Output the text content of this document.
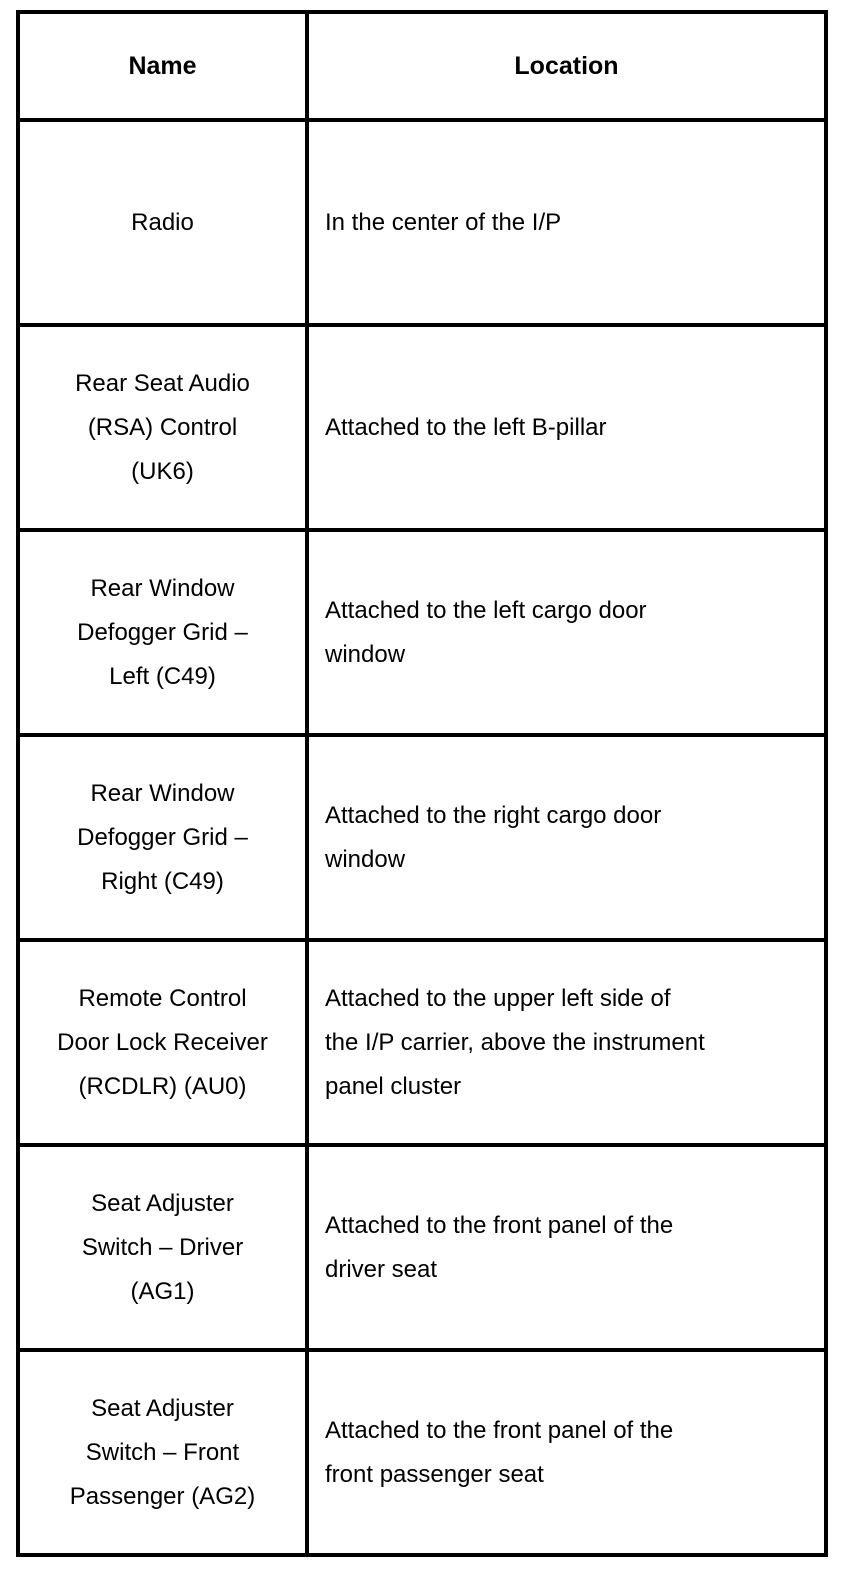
Name	Location

Radio	In the center of the I/P

Rear Seat Audio
(RSA) Control
(UK6)	Attached to the left B-pillar

Rear Window
Defogger Grid –
Left (C49)	Attached to the left cargo door
window

Rear Window
Defogger Grid –
Right (C49)	Attached to the right cargo door
window

Remote Control
Door Lock Receiver
(RCDLR) (AU0)	Attached to the upper left side of
the I/P carrier, above the instrument
panel cluster

Seat Adjuster
Switch – Driver
(AG1)	Attached to the front panel of the
driver seat

Seat Adjuster
Switch – Front
Passenger (AG2)	Attached to the front panel of the
front passenger seat
